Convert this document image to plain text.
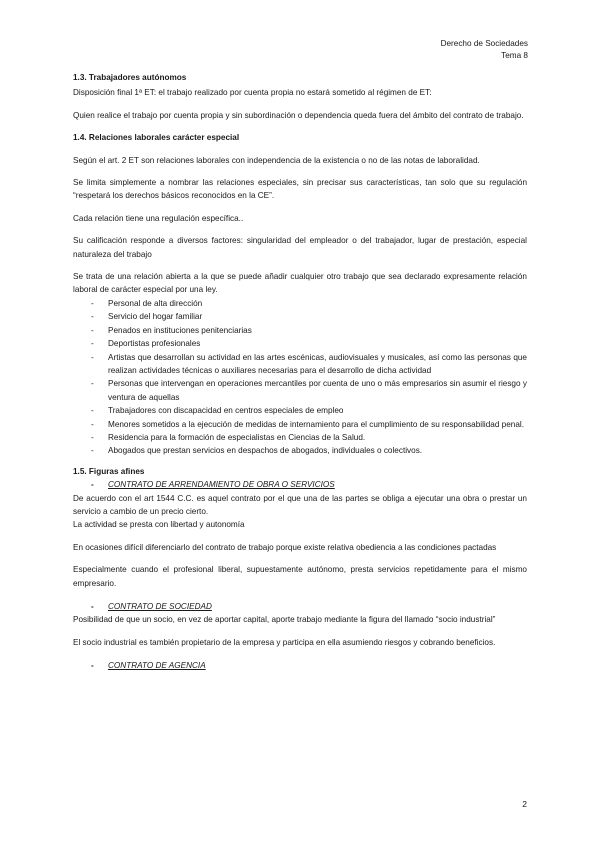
Derecho de Sociedades
Tema 8
1.3. Trabajadores autónomos

Disposición final 1ª ET: el trabajo realizado por cuenta propia no estará sometido al régimen de ET:

Quien realice el trabajo por cuenta propia y sin subordinación o dependencia queda fuera del ámbito del contrato de trabajo.

1.4. Relaciones laborales carácter especial

Según el art. 2 ET son relaciones laborales con independencia de la existencia o no de las notas de laboralidad.

Se limita simplemente a nombrar las relaciones especiales, sin precisar sus características, tan solo que su regulación “respetará los derechos básicos reconocidos en la CE”.

Cada relación tiene una regulación específica..

Su calificación responde a diversos factores: singularidad del empleador o del trabajador, lugar de prestación, especial naturaleza del trabajo

Se trata de una relación abierta a la que se puede añadir cualquier otro trabajo que sea declarado expresamente relación laboral de carácter especial por una ley.

- Personal de alta dirección
- Servicio del hogar familiar
- Penados en instituciones penitenciarias
- Deportistas profesionales
- Artistas que desarrollan su actividad en las artes escénicas, audiovisuales y musicales, así como las personas que realizan actividades técnicas o auxiliares necesarias para el desarrollo de dicha actividad
- Personas que intervengan en operaciones mercantiles por cuenta de uno o más empresarios sin asumir el riesgo y ventura de aquellas
- Trabajadores con discapacidad en centros especiales de empleo
- Menores sometidos a la ejecución de medidas de internamiento para el cumplimiento de su responsabilidad penal.
- Residencia para la formación de especialistas en Ciencias de la Salud.
- Abogados que prestan servicios en despachos de abogados, individuales o colectivos.
1.5. Figuras afines
- CONTRATO DE ARRENDAMIENTO DE OBRA O SERVICIOS

De acuerdo con el art 1544 C.C. es aquel contrato por el que una de las partes se obliga a ejecutar una obra o prestar un servicio a cambio de un precio cierto.

La actividad se presta con libertad y autonomía

En ocasiones difícil diferenciarlo del contrato de trabajo porque existe relativa obediencia a las condiciones pactadas

Especialmente cuando el profesional liberal, supuestamente autónomo, presta servicios repetidamente para el mismo empresario.

- CONTRATO DE SOCIEDAD

Posibilidad de que un socio, en vez de aportar capital, aporte trabajo mediante la figura del llamado “socio industrial”

El socio industrial es también propietario de la empresa y participa en ella asumiendo riesgos y cobrando beneficios.

- CONTRATO DE AGENCIA
2
